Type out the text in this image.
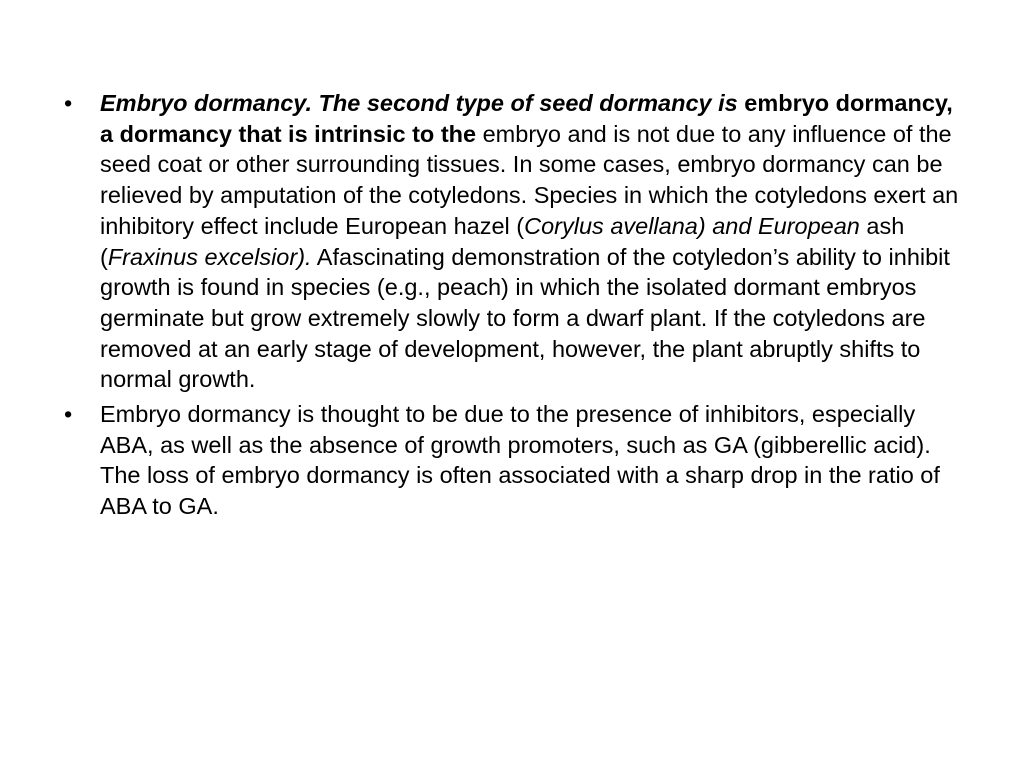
• Embryo dormancy. The second type of seed dormancy is embryo dormancy, a dormancy that is intrinsic to the embryo and is not due to any influence of the seed coat or other surrounding tissues. In some cases, embryo dormancy can be relieved by amputation of the cotyledons. Species in which the cotyledons exert an inhibitory effect include European hazel (Corylus avellana) and European ash (Fraxinus excelsior). Afascinating demonstration of the cotyledon’s ability to inhibit growth is found in species (e.g., peach) in which the isolated dormant embryos germinate but grow extremely slowly to form a dwarf plant. If the cotyledons are removed at an early stage of development, however, the plant abruptly shifts to normal growth.
• Embryo dormancy is thought to be due to the presence of inhibitors, especially ABA, as well as the absence of growth promoters, such as GA (gibberellic acid). The loss of embryo dormancy is often associated with a sharp drop in the ratio of ABA to GA.
